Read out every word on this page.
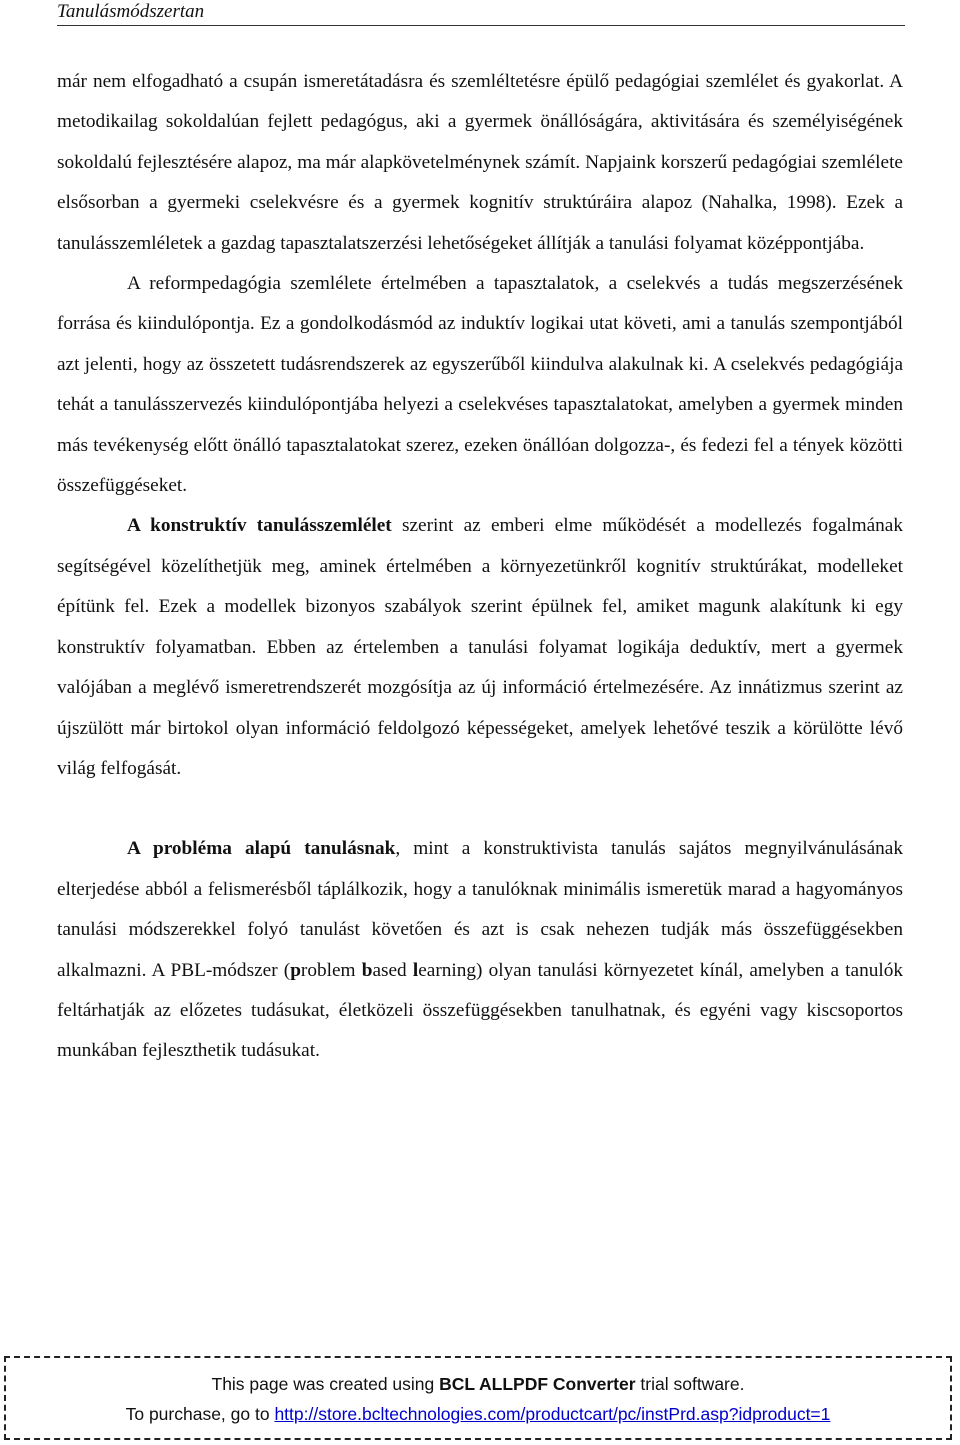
Tanulásmódszertan

már nem elfogadható a csupán ismeretátadásra és szemléltetésre épülő pedagógiai szemlélet és gyakorlat. A metodikailag sokoldalúan fejlett pedagógus, aki a gyermek önállóságára, aktivitására és személyiségének sokoldalú fejlesztésére alapoz, ma már alapkövetelménynek számít. Napjaink korszerű pedagógiai szemlélete elsősorban a gyermeki cselekvésre és a gyermek kognitív struktúráira alapoz (Nahalka, 1998). Ezek a tanulásszemléletek a gazdag tapasztalatszerzési lehetőségeket állítják a tanulási folyamat középpontjába.

A reformpedagógia szemlélete értelmében a tapasztalatok, a cselekvés a tudás megszerzésének forrása és kiindulópontja. Ez a gondolkodásmód az induktív logikai utat követi, ami a tanulás szempontjából azt jelenti, hogy az összetett tudásrendszerek az egyszerűből kiindulva alakulnak ki. A cselekvés pedagógiája tehát a tanulásszervezés kiindulópontjába helyezi a cselekvéses tapasztalatokat, amelyben a gyermek minden más tevékenység előtt önálló tapasztalatokat szerez, ezeken önállóan dolgozza-, és fedezi fel a tények közötti összefüggéseket.

A konstruktív tanulásszemlélet szerint az emberi elme működését a modellezés fogalmának segítségével közelíthetjük meg, aminek értelmében a környezetünkről kognitív struktúrákat, modelleket építünk fel. Ezek a modellek bizonyos szabályok szerint épülnek fel, amiket magunk alakítunk ki egy konstruktív folyamatban. Ebben az értelemben a tanulási folyamat logikája deduktív, mert a gyermek valójában a meglévő ismeretrendszerét mozgósítja az új információ értelmezésére. Az innátizmus szerint az újszülött már birtokol olyan információ feldolgozó képességeket, amelyek lehetővé teszik a körülötte lévő világ felfogását.

A probléma alapú tanulásnak, mint a konstruktivista tanulás sajátos megnyilvánulásának elterjedése abból a felismerésből táplálkozik, hogy a tanulóknak minimális ismeretük marad a hagyományos tanulási módszerekkel folyó tanulást követően és azt is csak nehezen tudják más összefüggésekben alkalmazni. A PBL-módszer (problem based learning) olyan tanulási környezetet kínál, amelyben a tanulók feltárhatják az előzetes tudásukat, életközeli összefüggésekben tanulhatnak, és egyéni vagy kiscsoportos munkában fejleszthetik tudásukat.

This page was created using BCL ALLPDF Converter trial software.
To purchase, go to http://store.bcltechnologies.com/productcart/pc/instPrd.asp?idproduct=1
